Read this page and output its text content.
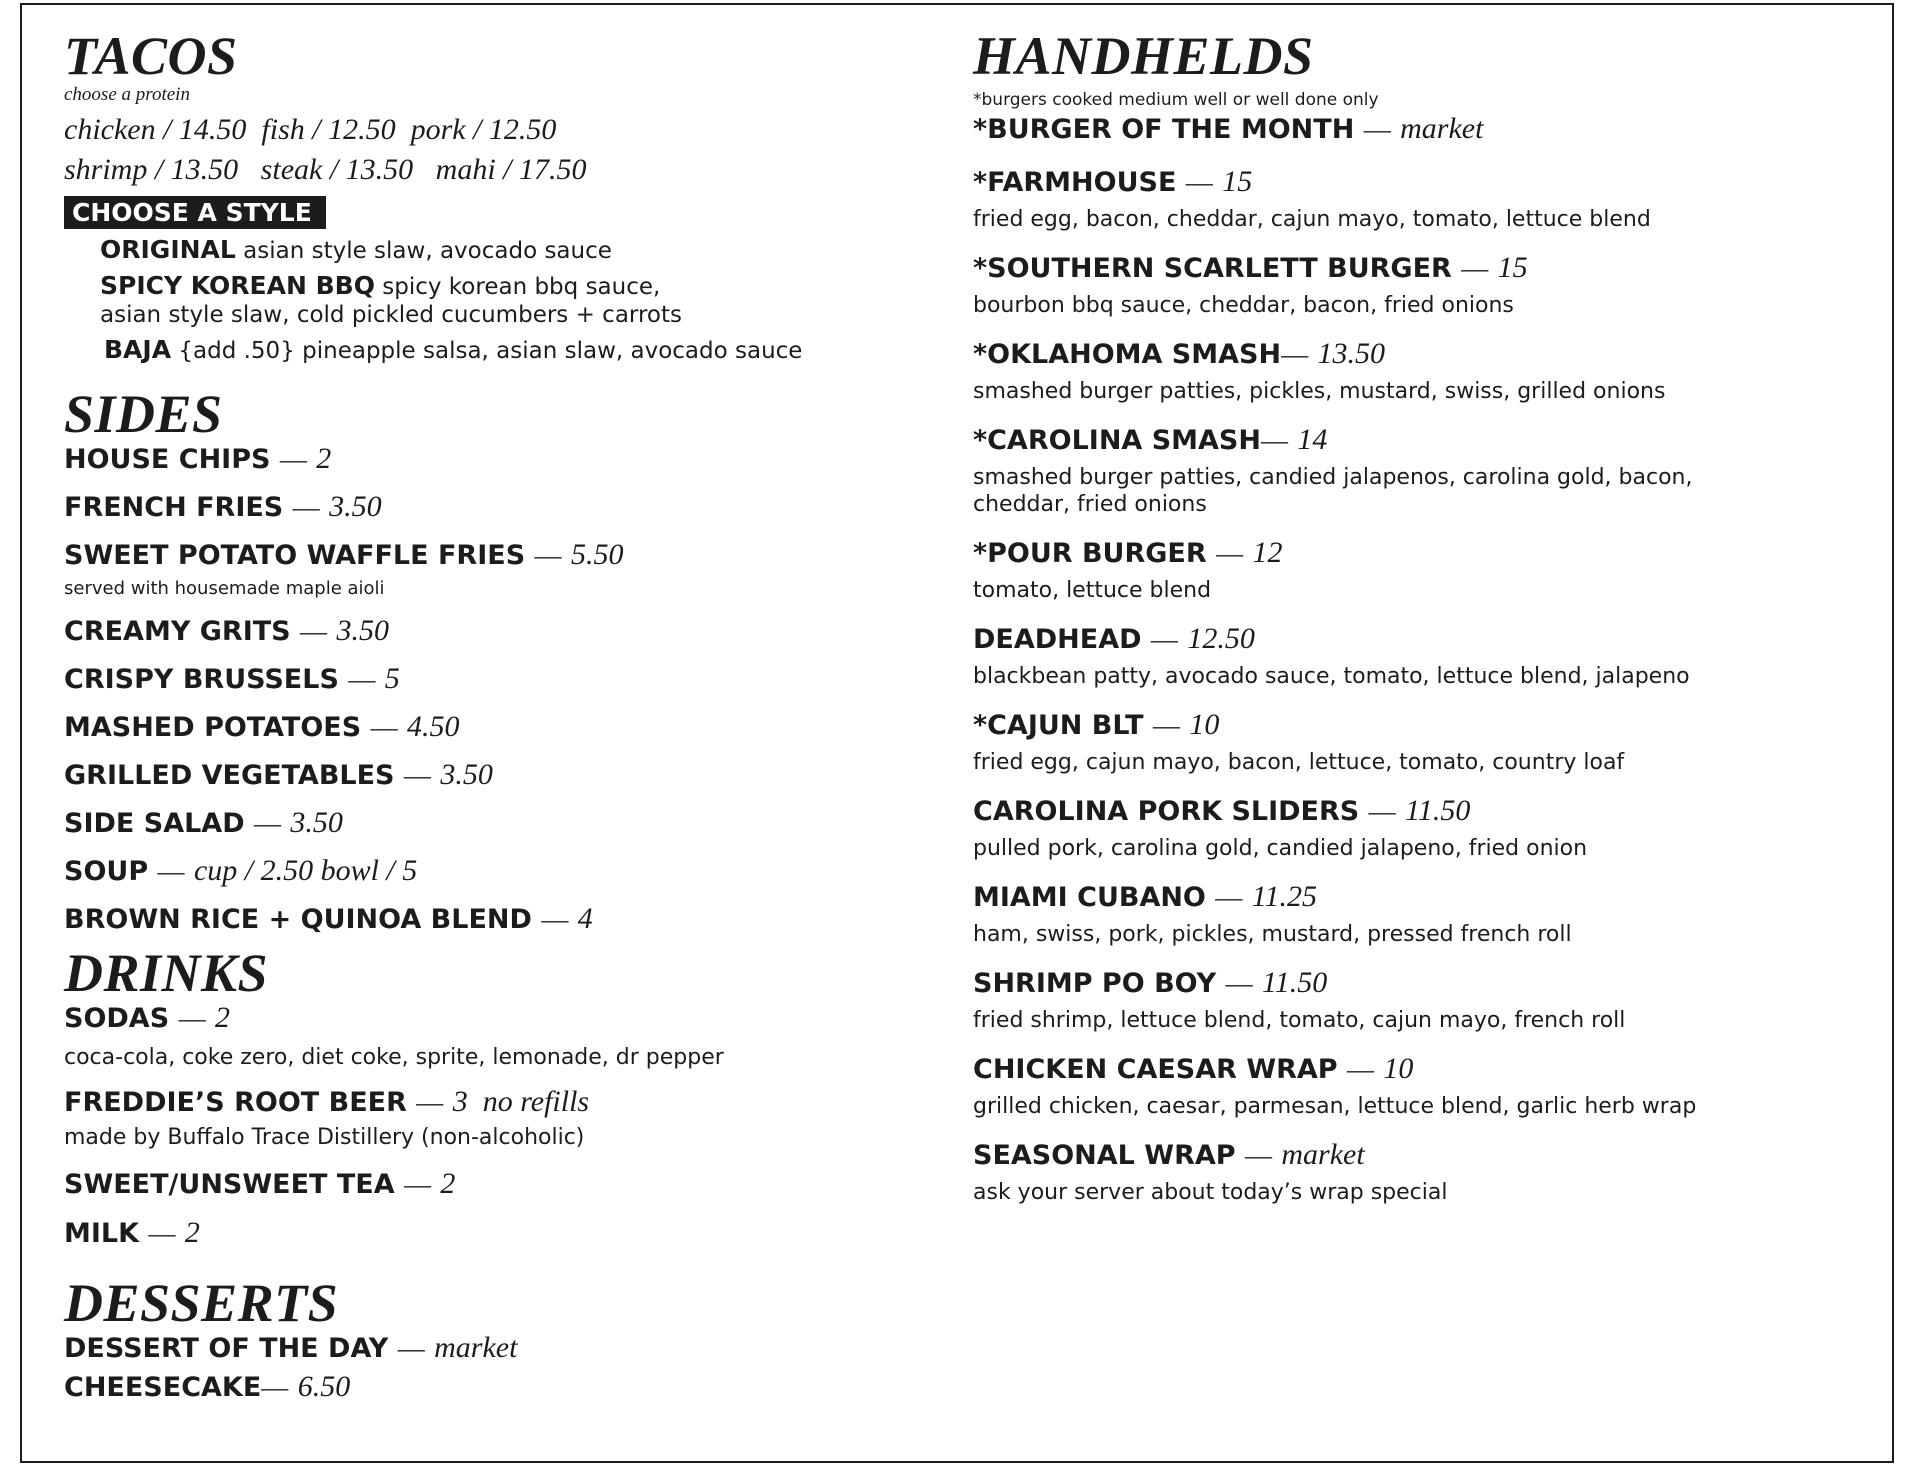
TACOS

choose a protein

chicken / 14.50  fish / 12.50  pork / 12.50

shrimp / 13.50   steak / 13.50   mahi / 17.50

CHOOSE A STYLE

ORIGINAL asian style slaw, avocado sauce

SPICY KOREAN BBQ spicy korean bbq sauce,
asian style slaw, cold pickled cucumbers + carrots

BAJA {add .50} pineapple salsa, asian slaw, avocado sauce

SIDES

HOUSE CHIPS — 2

FRENCH FRIES — 3.50

SWEET POTATO WAFFLE FRIES — 5.50

served with housemade maple aioli

CREAMY GRITS — 3.50

CRISPY BRUSSELS — 5

MASHED POTATOES — 4.50

GRILLED VEGETABLES — 3.50

SIDE SALAD — 3.50

SOUP — cup / 2.50 bowl / 5

BROWN RICE + QUINOA BLEND — 4

DRINKS

SODAS — 2

coca-cola, coke zero, diet coke, sprite, lemonade, dr pepper

FREDDIE’S ROOT BEER — 3  no refills

made by Buffalo Trace Distillery (non-alcoholic)

SWEET/UNSWEET TEA — 2

MILK — 2

DESSERTS

DESSERT OF THE DAY — market

CHEESECAKE— 6.50

HANDHELDS

*burgers cooked medium well or well done only

*BURGER OF THE MONTH — market

*FARMHOUSE — 15

fried egg, bacon, cheddar, cajun mayo, tomato, lettuce blend

*SOUTHERN SCARLETT BURGER — 15

bourbon bbq sauce, cheddar, bacon, fried onions

*OKLAHOMA SMASH— 13.50

smashed burger patties, pickles, mustard, swiss, grilled onions

*CAROLINA SMASH— 14

smashed burger patties, candied jalapenos, carolina gold, bacon,

cheddar, fried onions

*POUR BURGER — 12

tomato, lettuce blend

DEADHEAD — 12.50

blackbean patty, avocado sauce, tomato, lettuce blend, jalapeno

*CAJUN BLT — 10

fried egg, cajun mayo, bacon, lettuce, tomato, country loaf

CAROLINA PORK SLIDERS — 11.50

pulled pork, carolina gold, candied jalapeno, fried onion

MIAMI CUBANO — 11.25

ham, swiss, pork, pickles, mustard, pressed french roll

SHRIMP PO BOY — 11.50

fried shrimp, lettuce blend, tomato, cajun mayo, french roll

CHICKEN CAESAR WRAP — 10

grilled chicken, caesar, parmesan, lettuce blend, garlic herb wrap

SEASONAL WRAP — market

ask your server about today’s wrap special
